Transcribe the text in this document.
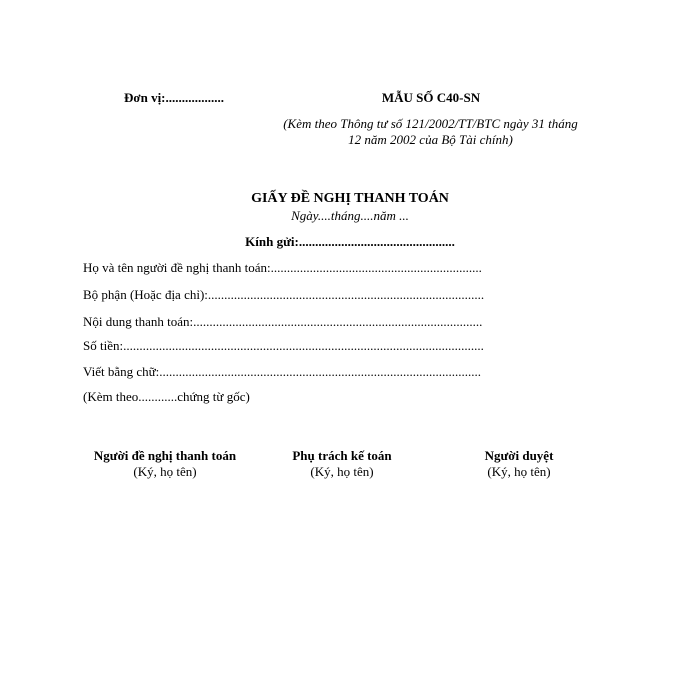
Đơn vị:..................	MẪU SỐ C40-SN
(Kèm theo Thông tư số 121/2002/TT/BTC ngày 31 tháng
12 năm 2002 của Bộ Tài chính)
GIẤY ĐỀ NGHỊ THANH TOÁN
Ngày....tháng....năm ...
Kính gửi:................................................
Họ và tên người đề nghị thanh toán:.................................................................
Bộ phận (Hoặc địa chỉ):.....................................................................................
Nội dung thanh toán:.........................................................................................
Số tiền:...............................................................................................................
Viết bằng chữ:...................................................................................................
(Kèm theo............chứng từ gốc)
Người đề nghị thanh toán
(Ký, họ tên)
Phụ trách kế toán
(Ký, họ tên)
Người duyệt
(Ký, họ tên)
